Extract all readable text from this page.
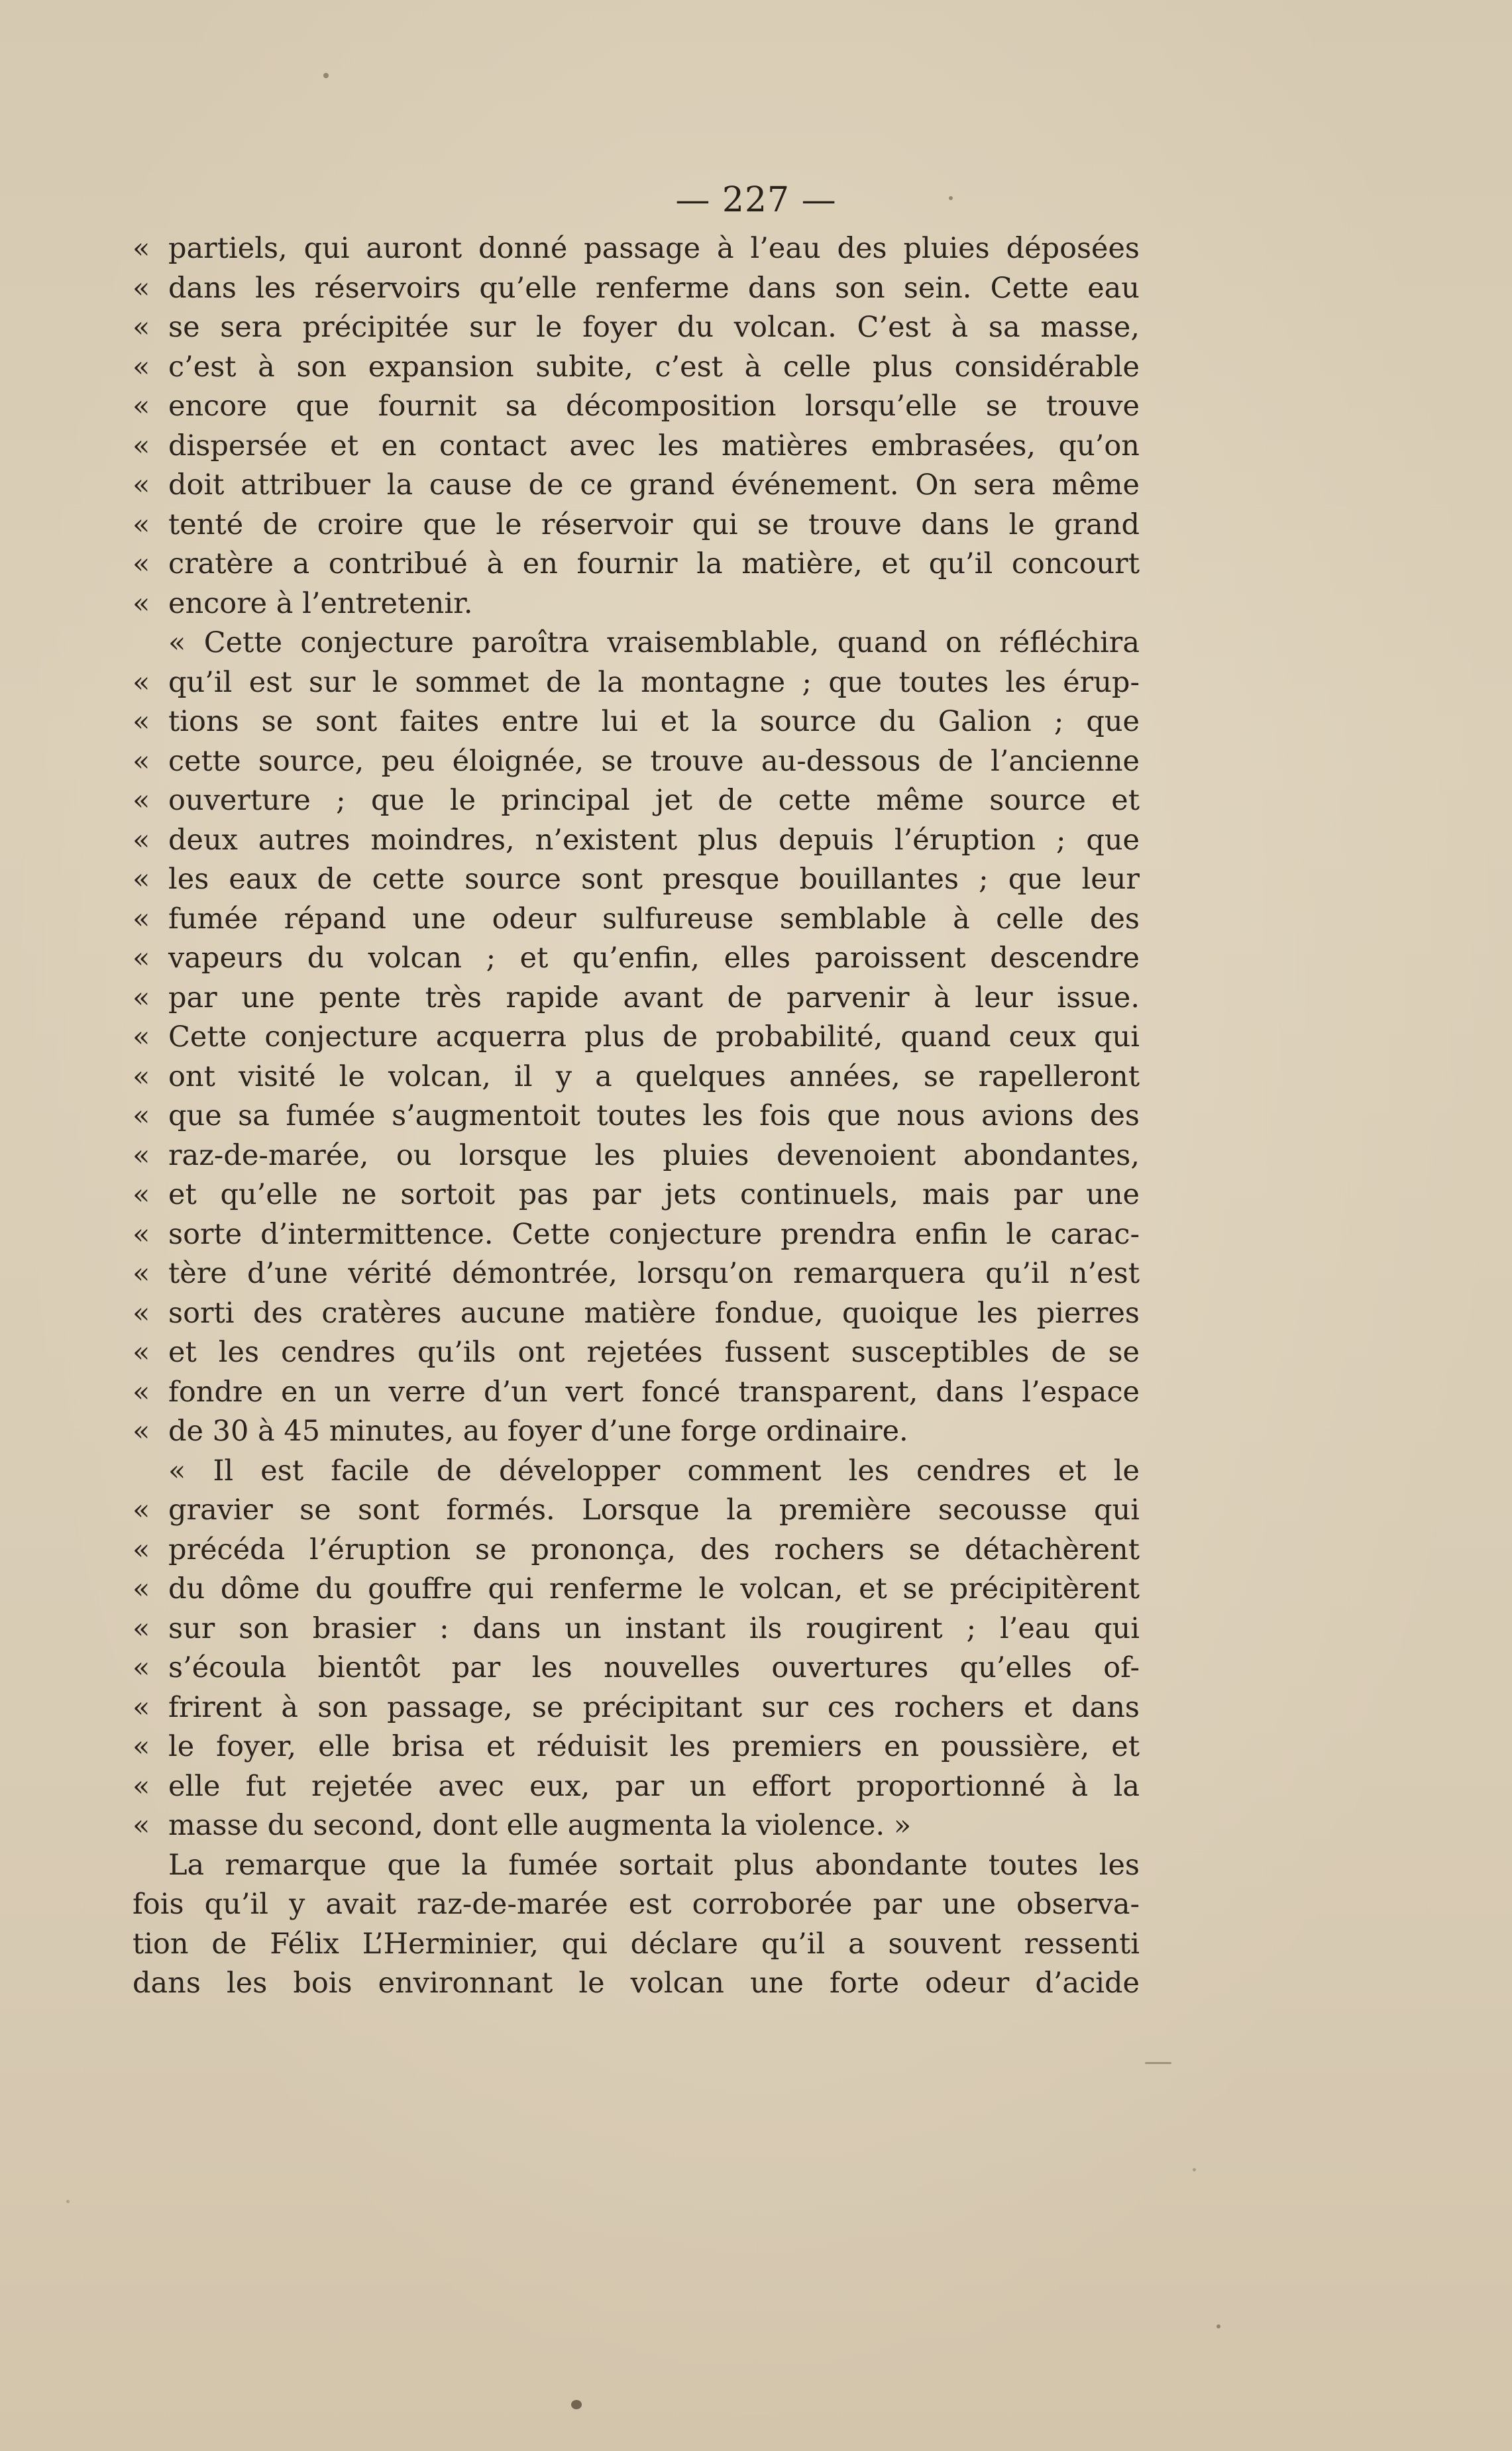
— 227 —
« partiels, qui auront donné passage à l’eau des pluies déposées
« dans les réservoirs qu’elle renferme dans son sein. Cette eau
« se sera précipitée sur le foyer du volcan. C’est à sa masse,
« c’est à son expansion subite, c’est à celle plus considérable
« encore que fournit sa décomposition lorsqu’elle se trouve
« dispersée et en contact avec les matières embrasées, qu’on
« doit attribuer la cause de ce grand événement. On sera même
« tenté de croire que le réservoir qui se trouve dans le grand
« cratère a contribué à en fournir la matière, et qu’il concourt
« encore à l’entretenir.
« Cette conjecture paroîtra vraisemblable, quand on réfléchira
« qu’il est sur le sommet de la montagne ; que toutes les érup-
« tions se sont faites entre lui et la source du Galion ; que
« cette source, peu éloignée, se trouve au-dessous de l’ancienne
« ouverture ; que le principal jet de cette même source et
« deux autres moindres, n’existent plus depuis l’éruption ; que
« les eaux de cette source sont presque bouillantes ; que leur
« fumée répand une odeur sulfureuse semblable à celle des
« vapeurs du volcan ; et qu’enfin, elles paroissent descendre
« par une pente très rapide avant de parvenir à leur issue.
« Cette conjecture acquerra plus de probabilité, quand ceux qui
« ont visité le volcan, il y a quelques années, se rapelleront
« que sa fumée s’augmentoit toutes les fois que nous avions des
« raz-de-marée, ou lorsque les pluies devenoient abondantes,
« et qu’elle ne sortoit pas par jets continuels, mais par une
« sorte d’intermittence. Cette conjecture prendra enfin le carac-
« tère d’une vérité démontrée, lorsqu’on remarquera qu’il n’est
« sorti des cratères aucune matière fondue, quoique les pierres
« et les cendres qu’ils ont rejetées fussent susceptibles de se
« fondre en un verre d’un vert foncé transparent, dans l’espace
« de 30 à 45 minutes, au foyer d’une forge ordinaire.
« Il est facile de développer comment les cendres et le
« gravier se sont formés. Lorsque la première secousse qui
« précéda l’éruption se prononça, des rochers se détachèrent
« du dôme du gouffre qui renferme le volcan, et se précipitèrent
« sur son brasier : dans un instant ils rougirent ; l’eau qui
« s’écoula bientôt par les nouvelles ouvertures qu’elles of-
« frirent à son passage, se précipitant sur ces rochers et dans
« le foyer, elle brisa et réduisit les premiers en poussière, et
« elle fut rejetée avec eux, par un effort proportionné à la
« masse du second, dont elle augmenta la violence. »
La remarque que la fumée sortait plus abondante toutes les
fois qu’il y avait raz-de-marée est corroborée par une observa-
tion de Félix L’Herminier, qui déclare qu’il a souvent ressenti
dans les bois environnant le volcan une forte odeur d’acide
